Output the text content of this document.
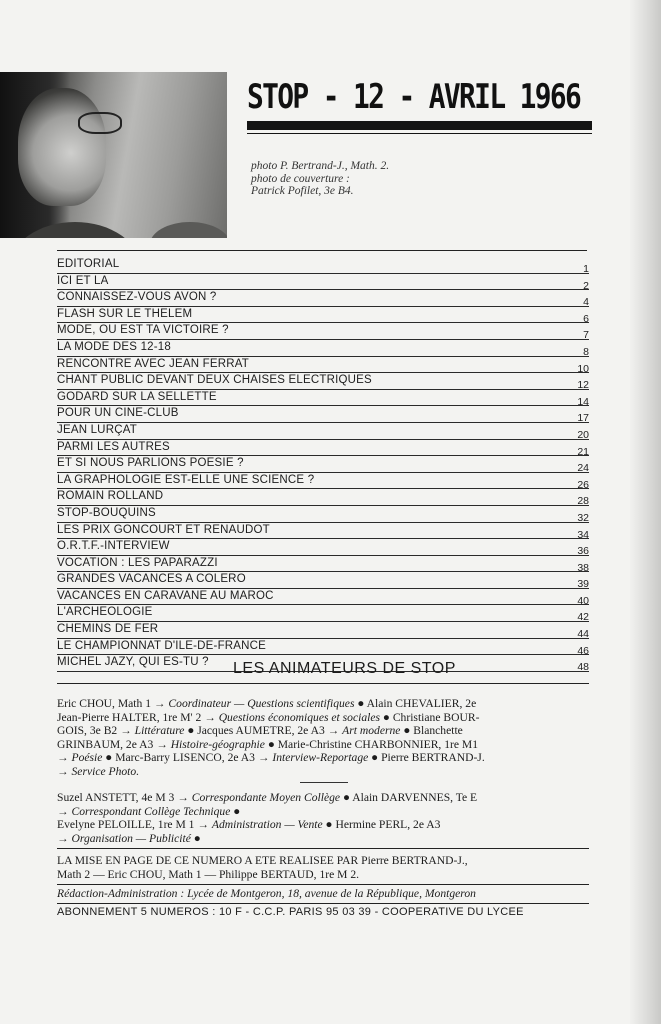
STOP - 12 - AVRIL 1966
photo P. Bertrand-J., Math. 2.
photo de couverture :
Patrick Pofilet, 3e B4.
EDITORIAL	1
ICI ET LA	2
CONNAISSEZ-VOUS AVON ?	4
FLASH SUR LE THELEM	6
MODE, OU EST TA VICTOIRE ?	7
LA MODE DES 12-18	8
RENCONTRE AVEC JEAN FERRAT	10
CHANT PUBLIC DEVANT DEUX CHAISES ELECTRIQUES	12
GODARD SUR LA SELLETTE	14
POUR UN CINE-CLUB	17
JEAN LURÇAT	20
PARMI LES AUTRES	21
ET SI NOUS PARLIONS POESIE ?	24
LA GRAPHOLOGIE EST-ELLE UNE SCIENCE ?	26
ROMAIN ROLLAND	28
STOP-BOUQUINS	32
LES PRIX GONCOURT ET RENAUDOT	34
O.R.T.F.-INTERVIEW	36
VOCATION : LES PAPARAZZI	38
GRANDES VACANCES A COLERO	39
VACANCES EN CARAVANE AU MAROC	40
L'ARCHEOLOGIE	42
CHEMINS DE FER	44
LE CHAMPIONNAT D'ILE-DE-FRANCE	46
MICHEL JAZY, QUI ES-TU ?	48
LES ANIMATEURS DE STOP
Eric CHOU, Math 1 → Coordinateur — Questions scientifiques ● Alain CHEVALIER, 2e
Jean-Pierre HALTER, 1re M' 2 → Questions économiques et sociales ● Christiane BOUR-
GOIS, 3e B2 → Littérature ● Jacques AUMETRE, 2e A3 → Art moderne ● Blanchette
GRINBAUM, 2e A3 → Histoire-géographie ● Marie-Christine CHARBONNIER, 1re M1
→ Poésie ● Marc-Barry LISENCO, 2e A3 → Interview-Reportage ● Pierre BERTRAND-J.
→ Service Photo.
Suzel ANSTETT, 4e M 3 → Correspondante Moyen Collège ● Alain DARVENNES, Te E
→ Correspondant Collège Technique ●
Evelyne PELOILLE, 1re M 1 → Administration — Vente ● Hermine PERL, 2e A3
→ Organisation — Publicité ●
LA MISE EN PAGE DE CE NUMERO A ETE REALISEE PAR Pierre BERTRAND-J.,
Math 2 — Eric CHOU, Math 1 — Philippe BERTAUD, 1re M 2.
Rédaction-Administration : Lycée de Montgeron, 18, avenue de la République, Montgeron
ABONNEMENT 5 NUMEROS : 10 F - C.C.P. PARIS 95 03 39 - COOPERATIVE DU LYCEE
